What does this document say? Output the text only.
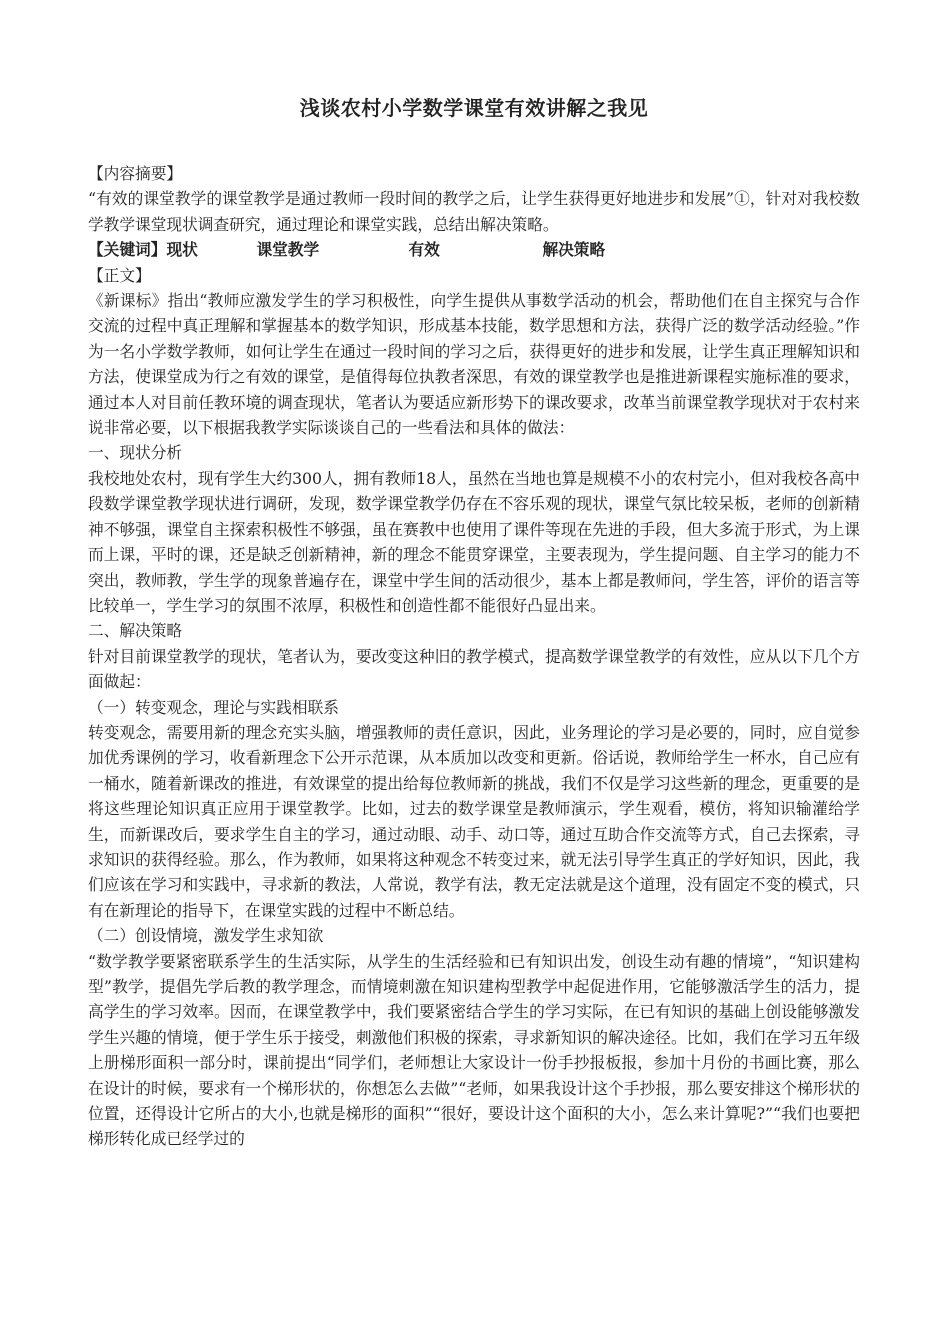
浅谈农村小学数学课堂有效讲解之我见

【内容摘要】

“有效的课堂教学的课堂教学是通过教师一段时间的教学之后，让学生获得更好地进步和发展”①，针对对我校数学教学课堂现状调查研究，通过理论和课堂实践，总结出解决策略。

【关键词】现状	课堂教学	有效	解决策略

【正文】

《新课标》指出“教师应激发学生的学习积极性，向学生提供从事数学活动的机会，帮助他们在自主探究与合作交流的过程中真正理解和掌握基本的数学知识，形成基本技能，数学思想和方法，获得广泛的数学活动经验。”作为一名小学数学教师，如何让学生在通过一段时间的学习之后，获得更好的进步和发展，让学生真正理解知识和方法，使课堂成为行之有效的课堂，是值得每位执教者深思，有效的课堂教学也是推进新课程实施标准的要求，通过本人对目前任教环境的调查现状，笔者认为要适应新形势下的课改要求，改革当前课堂教学现状对于农村来说非常必要，以下根据我教学实际谈谈自己的一些看法和具体的做法：

一、现状分析

我校地处农村，现有学生大约300人，拥有教师18人，虽然在当地也算是规模不小的农村完小，但对我校各高中段数学课堂教学现状进行调研，发现，数学课堂教学仍存在不容乐观的现状，课堂气氛比较呆板，老师的创新精神不够强，课堂自主探索积极性不够强，虽在赛教中也使用了课件等现在先进的手段，但大多流于形式，为上课而上课，平时的课，还是缺乏创新精神，新的理念不能贯穿课堂，主要表现为，学生提问题、自主学习的能力不突出，教师教，学生学的现象普遍存在，课堂中学生间的活动很少，基本上都是教师问，学生答，评价的语言等比较单一，学生学习的氛围不浓厚，积极性和创造性都不能很好凸显出来。

二、解决策略

针对目前课堂教学的现状，笔者认为，要改变这种旧的教学模式，提高数学课堂教学的有效性，应从以下几个方面做起：

（一）转变观念，理论与实践相联系

转变观念，需要用新的理念充实头脑，增强教师的责任意识，因此，业务理论的学习是必要的，同时，应自觉参加优秀课例的学习，收看新理念下公开示范课，从本质加以改变和更新。俗话说，教师给学生一杯水，自己应有一桶水，随着新课改的推进，有效课堂的提出给每位教师新的挑战，我们不仅是学习这些新的理念，更重要的是将这些理论知识真正应用于课堂教学。比如，过去的数学课堂是教师演示，学生观看，模仿，将知识输灌给学生，而新课改后，要求学生自主的学习，通过动眼、动手、动口等，通过互助合作交流等方式，自己去探索，寻求知识的获得经验。那么，作为教师，如果将这种观念不转变过来，就无法引导学生真正的学好知识，因此，我们应该在学习和实践中，寻求新的教法，人常说，教学有法，教无定法就是这个道理，没有固定不变的模式，只有在新理论的指导下，在课堂实践的过程中不断总结。

（二）创设情境，激发学生求知欲

“数学教学要紧密联系学生的生活实际，从学生的生活经验和已有知识出发，创设生动有趣的情境”，“知识建构型”教学，提倡先学后教的教学理念，而情境刺激在知识建构型教学中起促进作用，它能够激活学生的活力，提高学生的学习效率。因而，在课堂教学中，我们要紧密结合学生的学习实际，在已有知识的基础上创设能够激发学生兴趣的情境，便于学生乐于接受，刺激他们积极的探索，寻求新知识的解决途径。比如，我们在学习五年级上册梯形面积一部分时，课前提出“同学们，老师想让大家设计一份手抄报板报，参加十月份的书画比赛，那么在设计的时候，要求有一个梯形状的，你想怎么去做”“老师，如果我设计这个手抄报，那么要安排这个梯形状的位置，还得设计它所占的大小,也就是梯形的面积”“很好，要设计这个面积的大小，怎么来计算呢?”“我们也要把梯形转化成已经学过的
